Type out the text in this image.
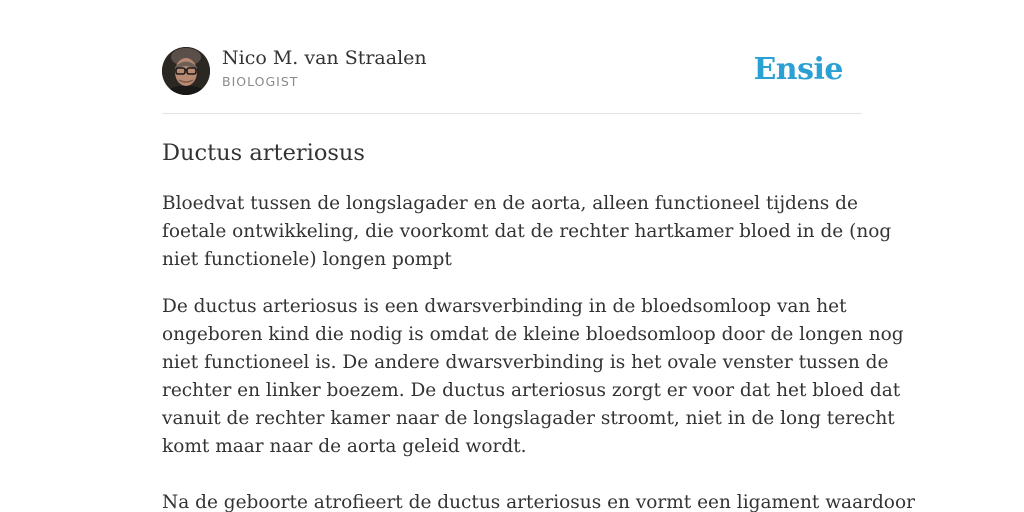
Nico M. van Straalen
BIOLOGIST	Ensie
Ductus arteriosus

Bloedvat tussen de longslagader en de aorta, alleen functioneel tijdens de
foetale ontwikkeling, die voorkomt dat de rechter hartkamer bloed in de (nog
niet functionele) longen pompt

De ductus arteriosus is een dwarsverbinding in de bloedsomloop van het
ongeboren kind die nodig is omdat de kleine bloedsomloop door de longen nog
niet functioneel is. De andere dwarsverbinding is het ovale venster tussen de
rechter en linker boezem. De ductus arteriosus zorgt er voor dat het bloed dat
vanuit de rechter kamer naar de longslagader stroomt, niet in de long terecht
komt maar naar de aorta geleid wordt.
Na de geboorte atrofieert de ductus arteriosus en vormt een ligament waardoor
